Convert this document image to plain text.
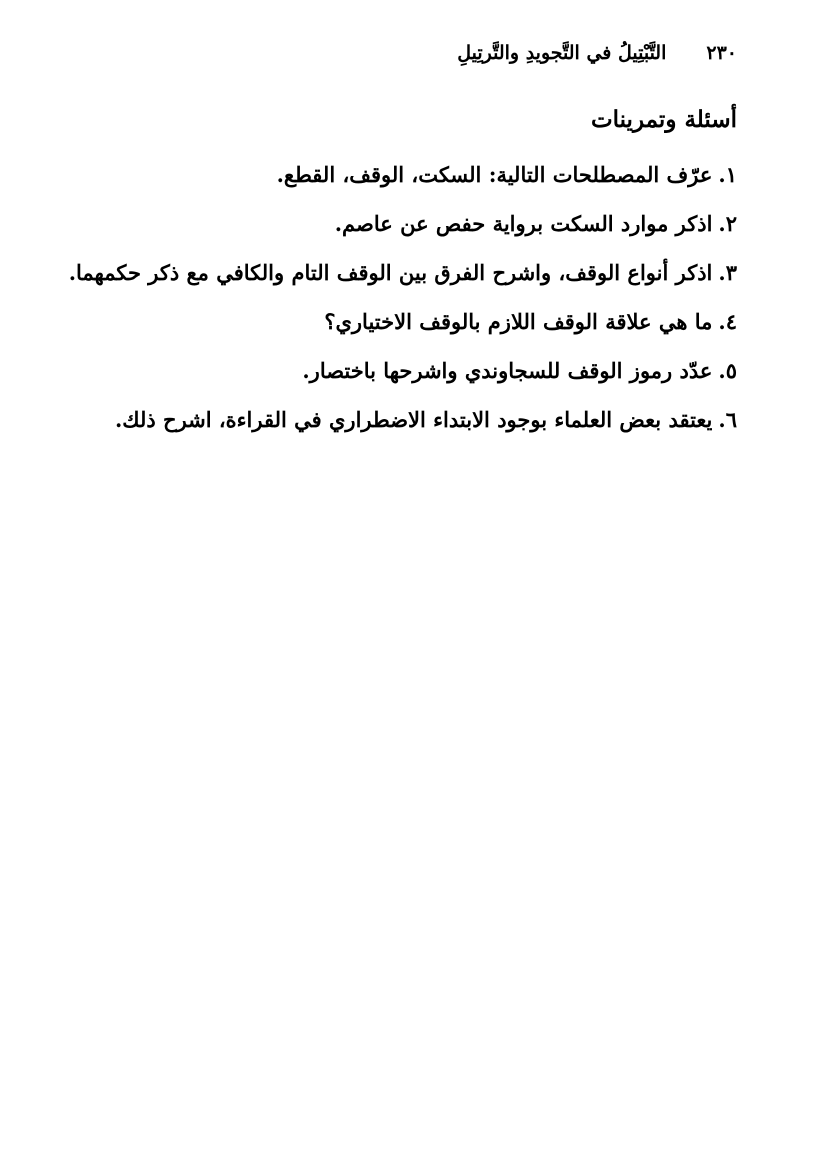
٢٣٠
التَّبْتِيلُ في التَّجويدِ والتَّرتِيلِ
أسئلة وتمرينات
١.عرّف المصطلحات التالية: السكت، الوقف، القطع.
٢.اذكر موارد السكت برواية حفص عن عاصم.
٣.اذكر أنواع الوقف، واشرح الفرق بين الوقف التام والكافي مع ذكر حكمهما.
٤.ما هي علاقة الوقف اللازم بالوقف الاختياري؟
٥.عدّد رموز الوقف للسجاوندي واشرحها باختصار.
٦.يعتقد بعض العلماء بوجود الابتداء الاضطراري في القراءة، اشرح ذلك.
